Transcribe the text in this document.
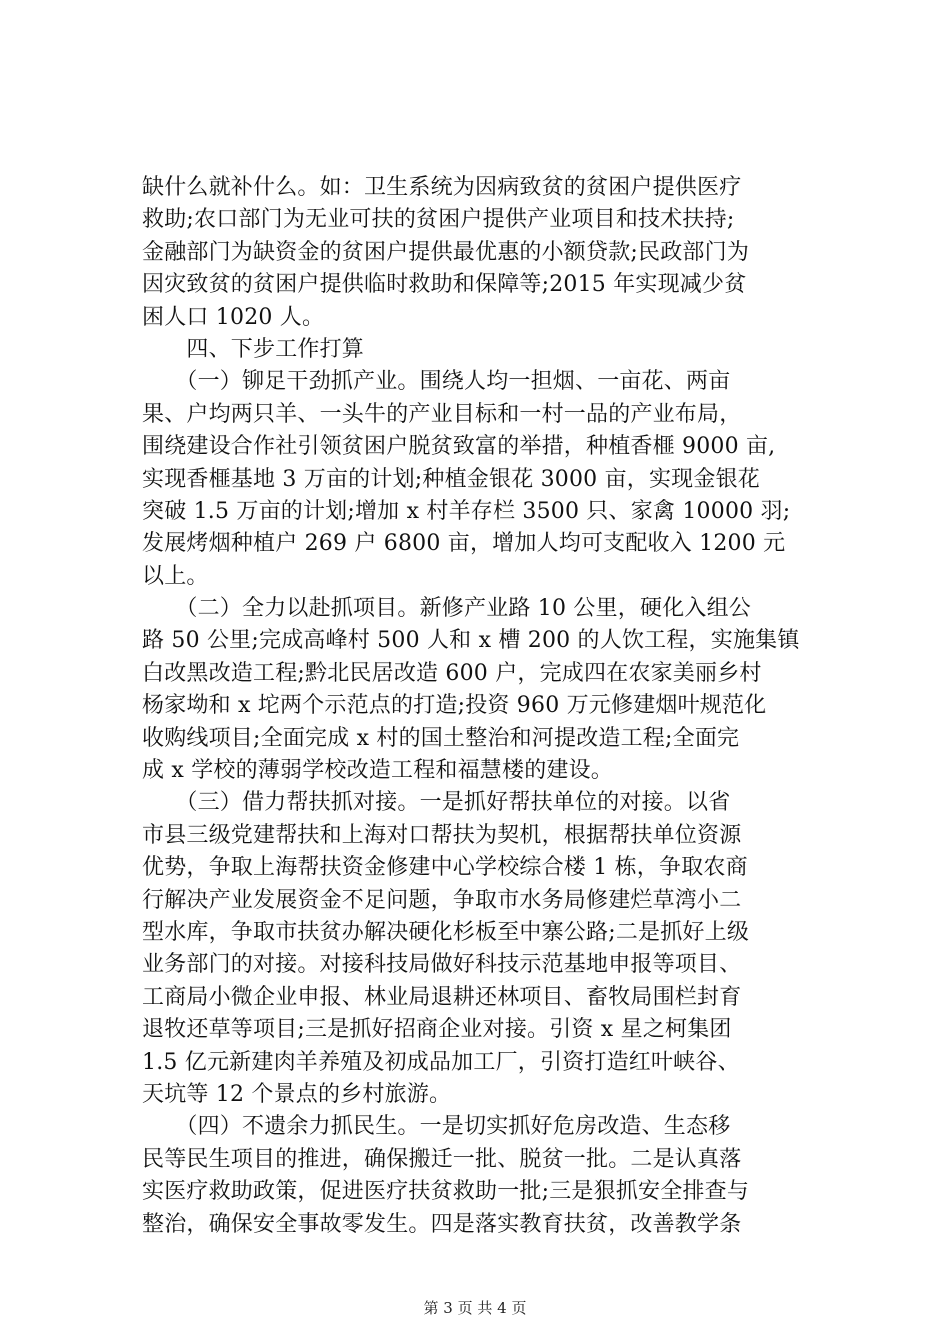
缺什么就补什么。如：卫生系统为因病致贫的贫困户提供医疗
救助;农口部门为无业可扶的贫困户提供产业项目和技术扶持;
金融部门为缺资金的贫困户提供最优惠的小额贷款;民政部门为
因灾致贫的贫困户提供临时救助和保障等;2015 年实现减少贫
困人口 1020 人。
　　四、下步工作打算
　　（一）铆足干劲抓产业。围绕人均一担烟、一亩花、两亩
果、户均两只羊、一头牛的产业目标和一村一品的产业布局，
围绕建设合作社引领贫困户脱贫致富的举措，种植香榧 9000 亩,
实现香榧基地 3 万亩的计划;种植金银花 3000 亩，实现金银花
突破 1.5 万亩的计划;增加 x 村羊存栏 3500 只、家禽 10000 羽;
发展烤烟种植户 269 户 6800 亩，增加人均可支配收入 1200 元
以上。
　　（二）全力以赴抓项目。新修产业路 10 公里，硬化入组公
路 50 公里;完成高峰村 500 人和 x 槽 200 的人饮工程，实施集镇
白改黑改造工程;黔北民居改造 600 户，完成四在农家美丽乡村
杨家坳和 x 坨两个示范点的打造;投资 960 万元修建烟叶规范化
收购线项目;全面完成 x 村的国土整治和河提改造工程;全面完
成 x 学校的薄弱学校改造工程和福慧楼的建设。
　　（三）借力帮扶抓对接。一是抓好帮扶单位的对接。以省
市县三级党建帮扶和上海对口帮扶为契机，根据帮扶单位资源
优势，争取上海帮扶资金修建中心学校综合楼 1 栋，争取农商
行解决产业发展资金不足问题，争取市水务局修建烂草湾小二
型水库，争取市扶贫办解决硬化杉板至中寨公路;二是抓好上级
业务部门的对接。对接科技局做好科技示范基地申报等项目、
工商局小微企业申报、林业局退耕还林项目、畜牧局围栏封育
退牧还草等项目;三是抓好招商企业对接。引资 x 星之柯集团
1.5 亿元新建肉羊养殖及初成品加工厂，引资打造红叶峡谷、
天坑等 12 个景点的乡村旅游。
　　（四）不遗余力抓民生。一是切实抓好危房改造、生态移
民等民生项目的推进，确保搬迁一批、脱贫一批。二是认真落
实医疗救助政策，促进医疗扶贫救助一批;三是狠抓安全排查与
整治，确保安全事故零发生。四是落实教育扶贫，改善教学条
第 3 页 共 4 页
